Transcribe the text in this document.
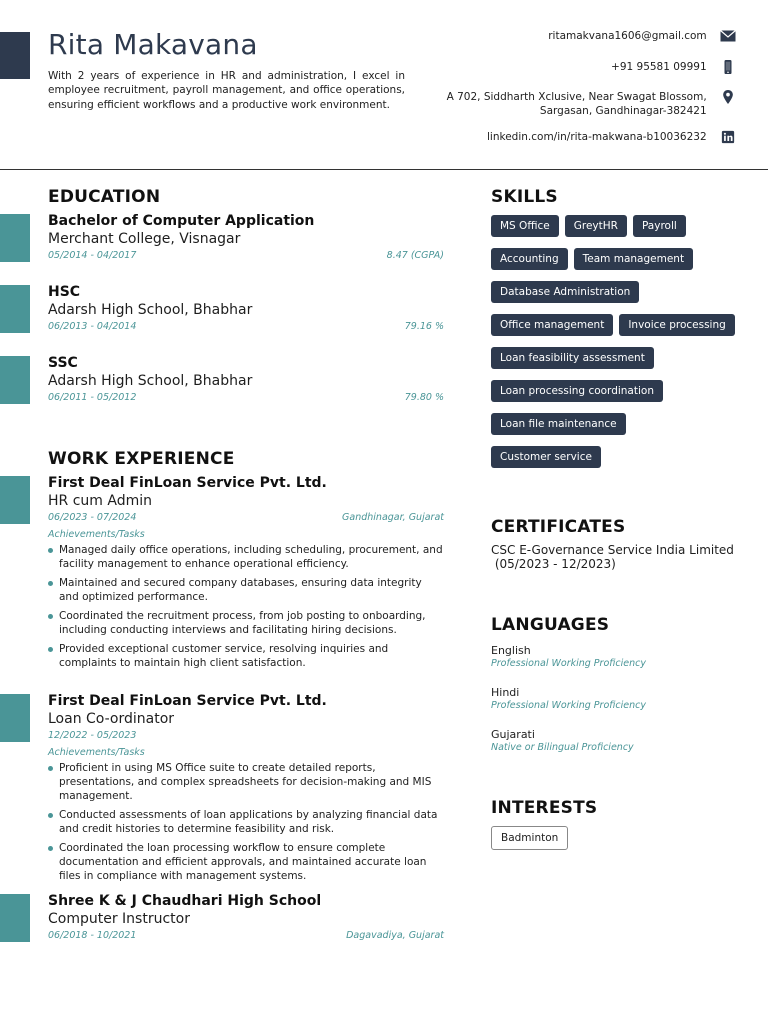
Rita Makavana

With 2 years of experience in HR and administration, I excel in employee recruitment, payroll management, and office operations, ensuring efficient workflows and a productive work environment.

ritamakvana1606@gmail.com
+91 95581 09991
A 702, Siddharth Xclusive, Near Swagat Blossom,
Sargasan, Gandhinagar-382421

linkedin.com/in/rita-makwana-b10036232
EDUCATION
Bachelor of Computer Application
Merchant College, Visnagar
05/2014 - 04/2017	8.47 (CGPA)
HSC
Adarsh High School, Bhabhar
06/2013 - 04/2014	79.16 %
SSC
Adarsh High School, Bhabhar
06/2011 - 05/2012	79.80 %
WORK EXPERIENCE
First Deal FinLoan Service Pvt. Ltd.
HR cum Admin
06/2023 - 07/2024	Gandhinagar, Gujarat
Achievements/Tasks
Managed daily office operations, including scheduling, procurement, and facility management to enhance operational efficiency.
Maintained and secured company databases, ensuring data integrity and optimized performance.
Coordinated the recruitment process, from job posting to onboarding, including conducting interviews and facilitating hiring decisions.
Provided exceptional customer service, resolving inquiries and complaints to maintain high client satisfaction.
First Deal FinLoan Service Pvt. Ltd.
Loan Co-ordinator
12/2022 - 05/2023
Achievements/Tasks
Proficient in using MS Office suite to create detailed reports, presentations, and complex spreadsheets for decision-making and MIS management.
Conducted assessments of loan applications by analyzing financial data and credit histories to determine feasibility and risk.
Coordinated the loan processing workflow to ensure complete documentation and efficient approvals, and maintained accurate loan files in compliance with management systems.
Shree K & J Chaudhari High School
Computer Instructor
06/2018 - 10/2021	Dagavadiya, Gujarat
SKILLS
MS Office	GreytHR	Payroll
Accounting	Team management
Database Administration
Office management	Invoice processing
Loan feasibility assessment
Loan processing coordination
Loan file maintenance
Customer service
CERTIFICATES
CSC E-Governance Service India Limited
(05/2023 - 12/2023)
LANGUAGES
English
Professional Working Proficiency
Hindi
Professional Working Proficiency
Gujarati
Native or Bilingual Proficiency
INTERESTS
Badminton
